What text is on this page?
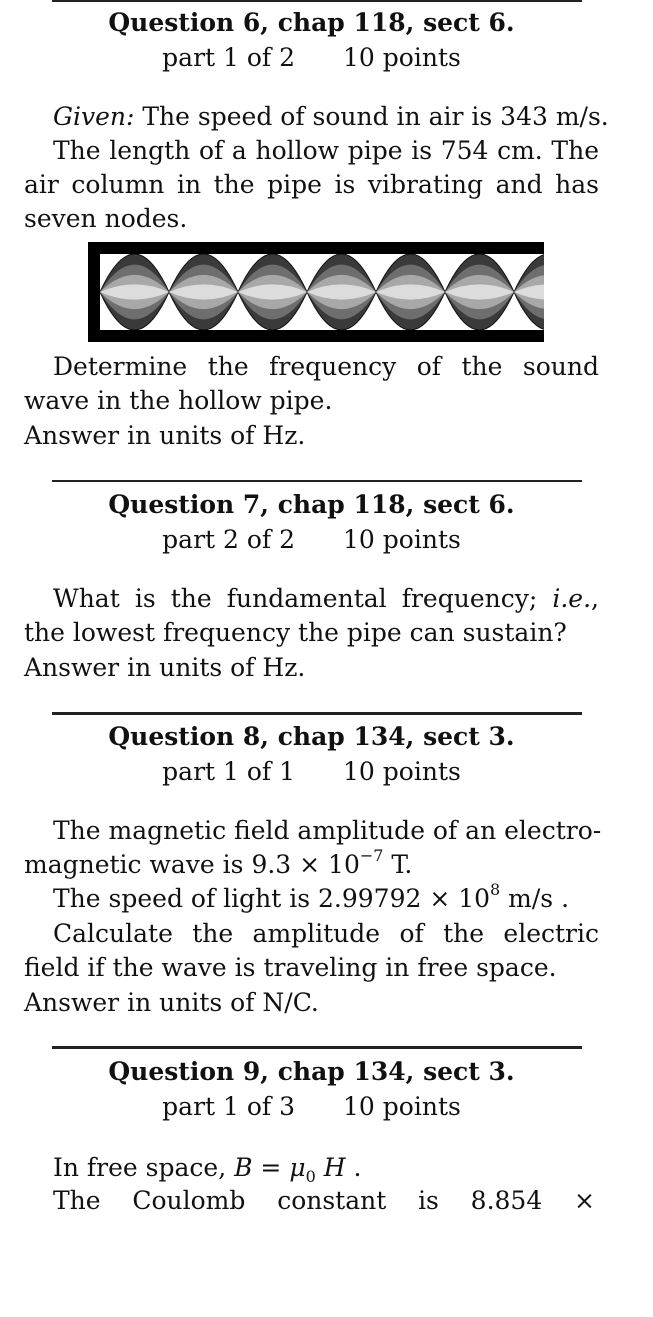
Question 6, chap 118, sect 6.
part 1 of 2 10 points
Given: The speed of sound in air is 343 m/s.
The length of a hollow pipe is 754 cm. The air column in the pipe is vibrating and has seven nodes.
Determine the frequency of the sound wave in the hollow pipe.
Answer in units of Hz.
Question 7, chap 118, sect 6.
part 2 of 2 10 points
What is the fundamental frequency; i.e., the lowest frequency the pipe can sustain?
Answer in units of Hz.
Question 8, chap 134, sect 3.
part 1 of 1 10 points
The magnetic field amplitude of an electro-
magnetic wave is $9.3 \times 10^{-7}$ T.
The speed of light is $2.99792 \times 10^8$ m/s .
Calculate the amplitude of the electric field if the wave is traveling in free space.
Answer in units of N/C.
Question 9, chap 134, sect 3.
part 1 of 3 10 points
In free space, $B = \mu_0$ H .
The Coulomb constant is 8.854 ×
